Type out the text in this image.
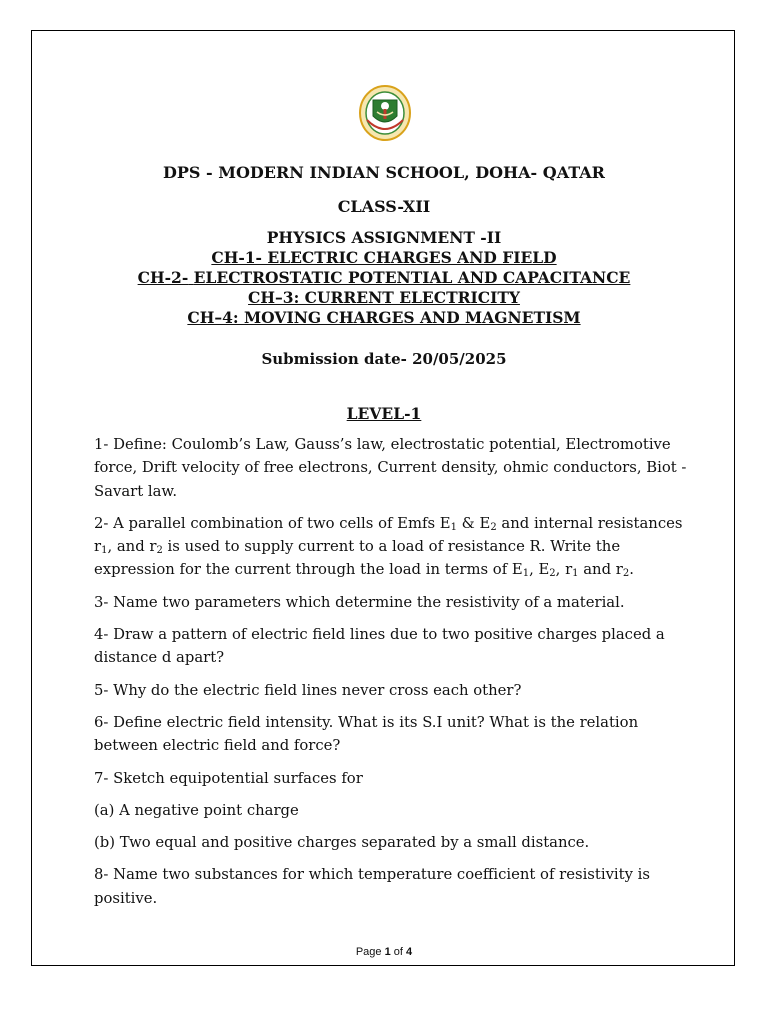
DPS - MODERN INDIAN SCHOOL, DOHA- QATAR
CLASS-XII
PHYSICS ASSIGNMENT -II
CH-1- ELECTRIC CHARGES AND FIELD
CH-2- ELECTROSTATIC POTENTIAL AND CAPACITANCE
CH–3: CURRENT ELECTRICITY
CH–4: MOVING CHARGES AND MAGNETISM
Submission date- 20/05/2025
LEVEL-1

1- Define: Coulomb’s Law, Gauss’s law, electrostatic potential, Electromotive force, Drift velocity of free electrons, Current density, ohmic conductors, Biot - Savart law.

2- A parallel combination of two cells of Emfs $E_1$ & $E_2$ and internal resistances $r_1$, and $r_2$ is used to supply current to a load of resistance R. Write the expression for the current through the load in terms of $E_1$, $E_2$, $r_1$ and $r_2$.

3- Name two parameters which determine the resistivity of a material.

4- Draw a pattern of electric field lines due to two positive charges placed a distance d apart?

5- Why do the electric field lines never cross each other?

6- Define electric field intensity. What is its S.I unit? What is the relation between electric field and force?

7- Sketch equipotential surfaces for

(a) A negative point charge

(b) Two equal and positive charges separated by a small distance.

8- Name two substances for which temperature coefficient of resistivity is positive.

Page 1 of 4
